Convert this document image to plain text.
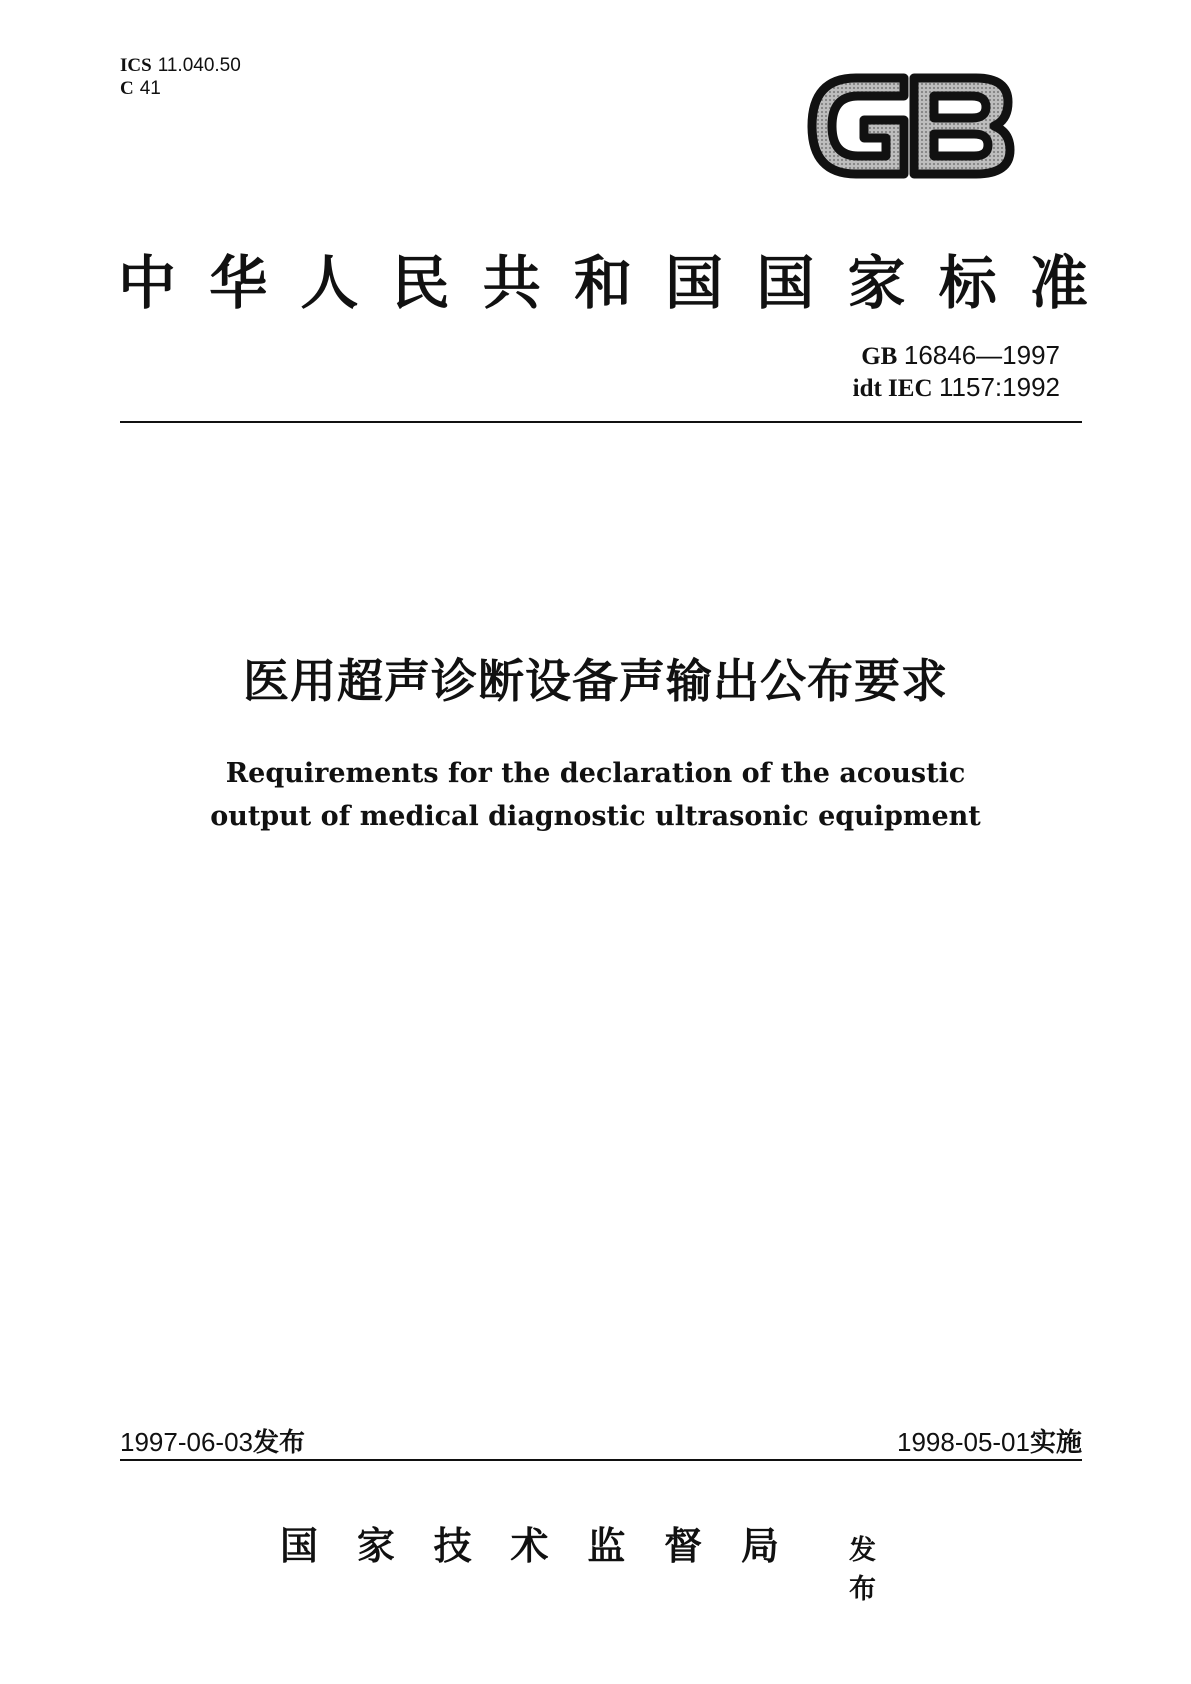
ICS 11.040.50
C 41
中 华 人 民 共 和 国 国 家 标 准
GB 16846—1997
idt IEC 1157:1992
医用超声诊断设备声输出公布要求
Requirements for the declaration of the acoustic
output of medical diagnostic ultrasonic equipment
1997-06-03发布	1998-05-01实施
国 家 技 术 监 督 局	发布
